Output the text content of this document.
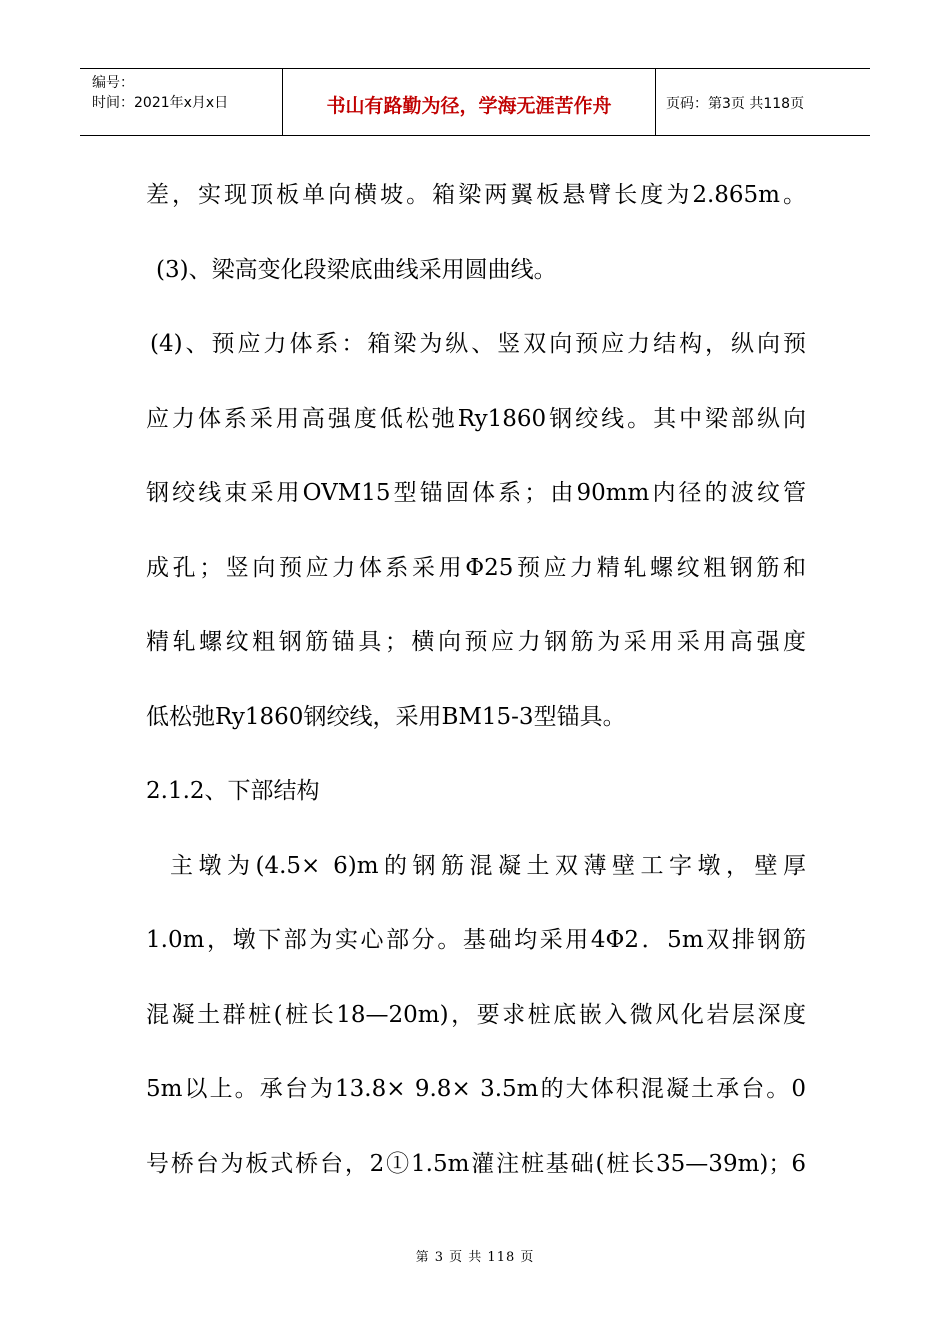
编号：
时间：2021年x月x日	书山有路勤为径，学海无涯苦作舟	页码：第3页 共118页
差，实现顶板单向横坡。箱梁两翼板悬臂长度为2.865m。
(3)、梁高变化段梁底曲线采用圆曲线。
(4)、预应力体系：箱梁为纵、竖双向预应力结构，纵向预
应力体系采用高强度低松弛Ry1860钢绞线。其中梁部纵向
钢绞线束采用OVM15型锚固体系；由90mm内径的波纹管
成孔；竖向预应力体系采用Φ25预应力精轧螺纹粗钢筋和
精轧螺纹粗钢筋锚具；横向预应力钢筋为采用采用高强度
低松弛Ry1860钢绞线，采用BM15-3型锚具。
2.1.2、下部结构
主墩为(4.5× 6)m的钢筋混凝土双薄壁工字墩，壁厚
1.0m，墩下部为实心部分。基础均采用4Φ2．5m双排钢筋
混凝土群桩(桩长18—20m)，要求桩底嵌入微风化岩层深度
5m以上。承台为13.8× 9.8× 3.5m的大体积混凝土承台。0
号桥台为板式桥台，2①1.5m灌注桩基础(桩长35—39m)；6
第 3 页 共 118 页
